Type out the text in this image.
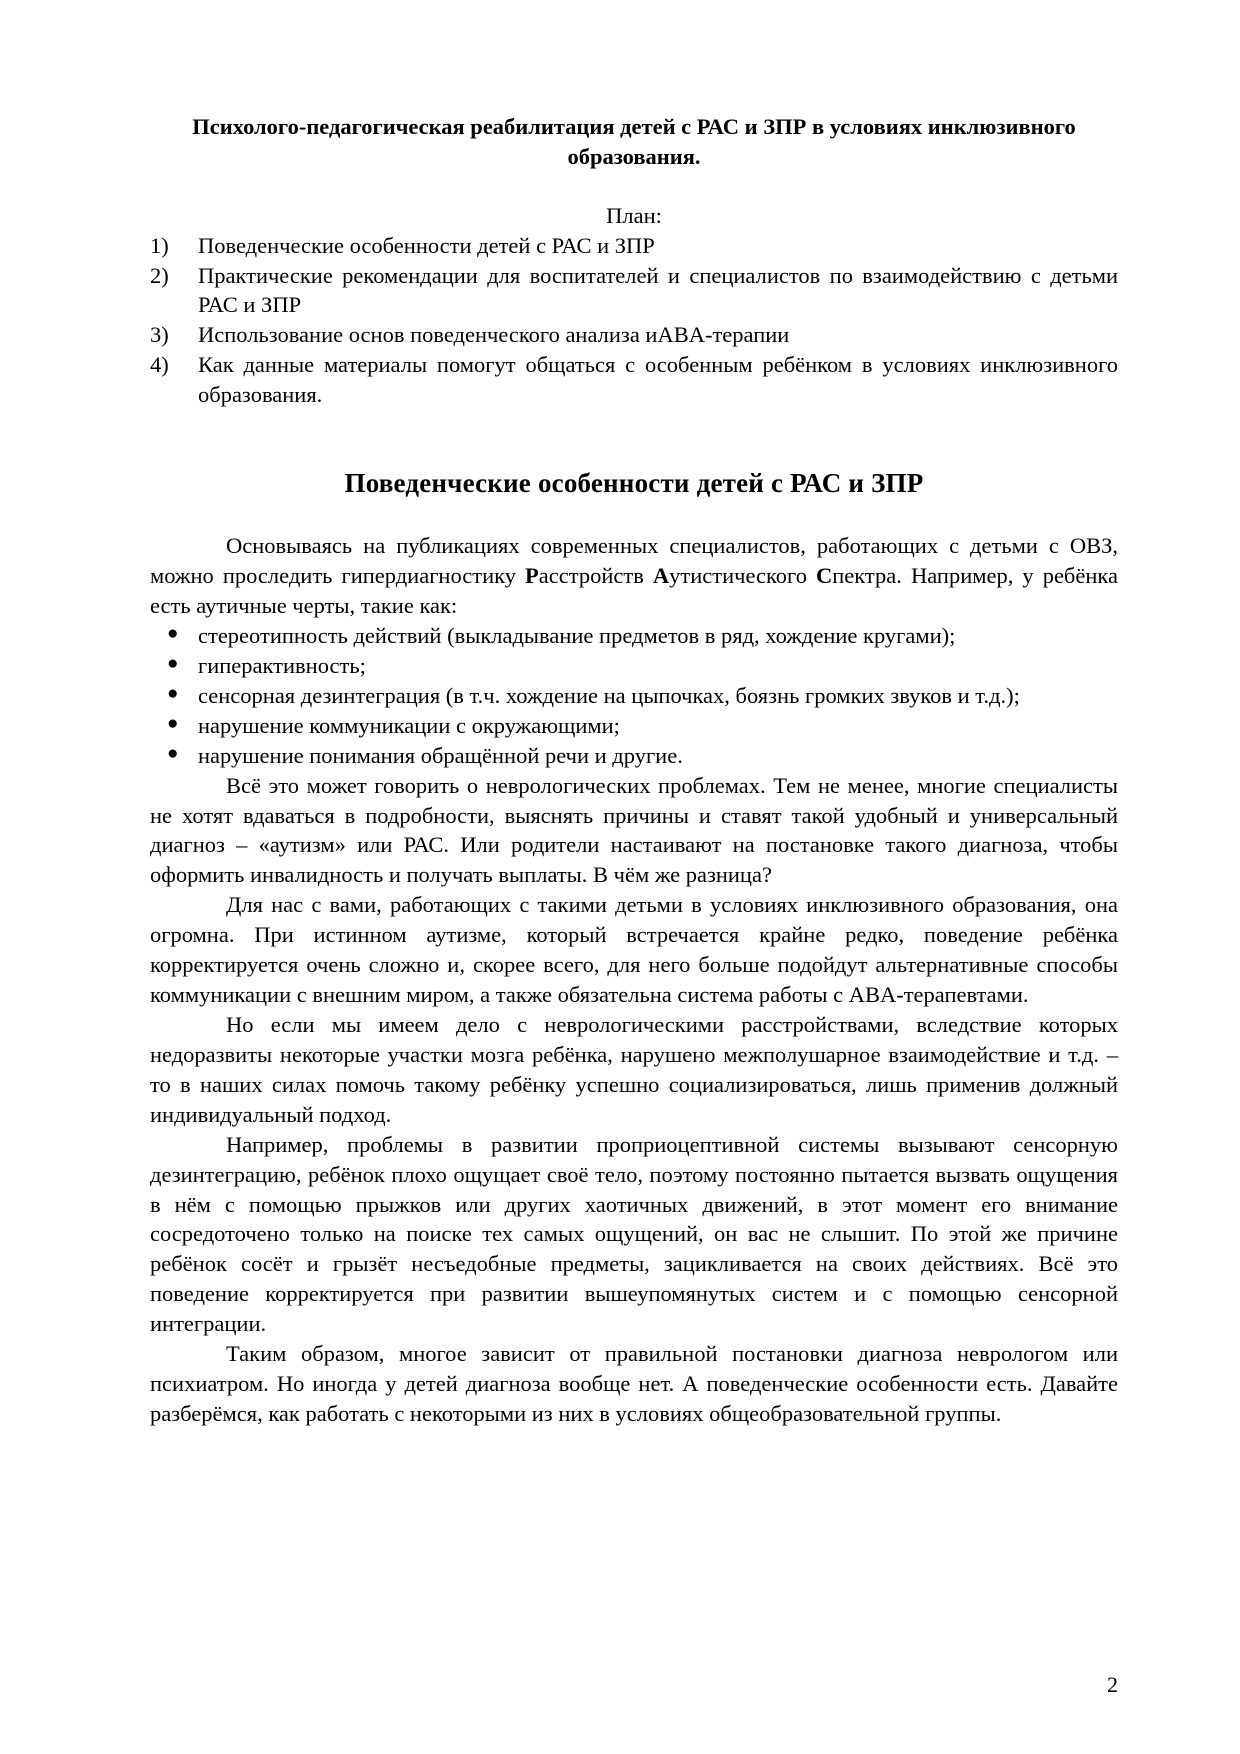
Психолого-педагогическая реабилитация детей с РАС и ЗПР в условиях инклюзивного образования.
План:
1)	Поведенческие особенности детей с РАС и ЗПР
2)	Практические рекомендации для воспитателей и специалистов по взаимодействию с детьми РАС и ЗПР
3)	Использование основ поведенческого анализа иABA-терапии
4)	Как данные материалы помогут общаться с особенным ребёнком в условиях инклюзивного образования.
Поведенческие особенности детей с РАС и ЗПР

Основываясь на публикациях современных специалистов, работающих с детьми с ОВЗ, можно проследить гипердиагностику Расстройств Аутистического Спектра. Например, у ребёнка есть аутичные черты, такие как:

● стереотипность действий (выкладывание предметов в ряд, хождение кругами);
● гиперактивность;
● сенсорная дезинтеграция (в т.ч. хождение на цыпочках, боязнь громких звуков и т.д.);
● нарушение коммуникации с окружающими;
● нарушение понимания обращённой речи и другие.

Всё это может говорить о неврологических проблемах. Тем не менее, многие специалисты не хотят вдаваться в подробности, выяснять причины и ставят такой удобный и универсальный диагноз – «аутизм» или РАС. Или родители настаивают на постановке такого диагноза, чтобы оформить инвалидность и получать выплаты. В чём же разница?

Для нас с вами, работающих с такими детьми в условиях инклюзивного образования, она огромна. При истинном аутизме, который встречается крайне редко, поведение ребёнка корректируется очень сложно и, скорее всего, для него больше подойдут альтернативные способы коммуникации с внешним миром, а также обязательна система работы с ABA-терапевтами.

Но если мы имеем дело с неврологическими расстройствами, вследствие которых недоразвиты некоторые участки мозга ребёнка, нарушено межполушарное взаимодействие и т.д. – то в наших силах помочь такому ребёнку успешно социализироваться, лишь применив должный индивидуальный подход.

Например, проблемы в развитии проприоцептивной системы вызывают сенсорную дезинтеграцию, ребёнок плохо ощущает своё тело, поэтому постоянно пытается вызвать ощущения в нём с помощью прыжков или других хаотичных движений, в этот момент его внимание сосредоточено только на поиске тех самых ощущений, он вас не слышит. По этой же причине ребёнок сосёт и грызёт несъедобные предметы, зацикливается на своих действиях. Всё это поведение корректируется при развитии вышеупомянутых систем и с помощью сенсорной интеграции.

Таким образом, многое зависит от правильной постановки диагноза неврологом или психиатром. Но иногда у детей диагноза вообще нет. А поведенческие особенности есть. Давайте разберёмся, как работать с некоторыми из них в условиях общеобразовательной группы.

2
